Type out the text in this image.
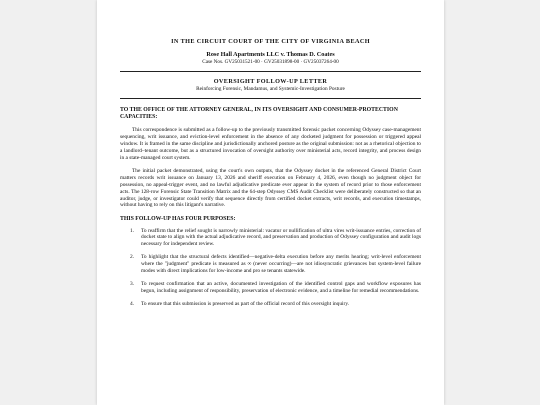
IN THE CIRCUIT COURT OF THE CITY OF VIRGINIA BEACH
Rose Hall Apartments LLC v. Thomas D. Coates
Case Nos. GV25031521-00 · GV25031898-00 · GV25037264-00
OVERSIGHT FOLLOW-UP LETTER
Reinforcing Forensic, Mandamus, and Systemic-Investigation Posture
TO THE OFFICE OF THE ATTORNEY GENERAL, IN ITS OVERSIGHT AND CONSUMER-PROTECTION CAPACITIES:

This correspondence is submitted as a follow-up to the previously transmitted forensic packet concerning Odyssey case-management sequencing, writ issuance, and eviction-level enforcement in the absence of any docketed judgment for possession or triggered appeal window. It is framed in the same discipline and jurisdictionally anchored posture as the original submission: not as a rhetorical objection to a landlord–tenant outcome, but as a structured invocation of oversight authority over ministerial acts, record integrity, and process design in a state-managed court system.

The initial packet demonstrated, using the court's own outputs, that the Odyssey docket in the referenced General District Court matters records writ issuance on January 13, 2026 and sheriff execution on February 4, 2026, even though no judgment object for possession, no appeal-trigger event, and no lawful adjudicative predicate ever appear in the system of record prior to those enforcement acts. The 128-row Forensic State Transition Matrix and the 64-step Odyssey CMS Audit Checklist were deliberately constructed so that an auditor, judge, or investigator could verify that sequence directly from certified docket extracts, writ records, and execution timestamps, without having to rely on this litigant's narrative.

THIS FOLLOW-UP HAS FOUR PURPOSES:
1. To reaffirm that the relief sought is narrowly ministerial: vacatur or nullification of ultra vires writ-issuance entries, correction of docket state to align with the actual adjudicative record, and preservation and production of Odyssey configuration and audit logs necessary for independent review.
2. To highlight that the structural defects identified—negative-delta execution before any merits hearing; writ-level enforcement where the "judgment" predicate is measured as ∞ (never occurring)—are not idiosyncratic grievances but system-level failure modes with direct implications for low-income and pro se tenants statewide.
3. To request confirmation that an active, documented investigation of the identified control gaps and workflow exposures has begun, including assignment of responsibility, preservation of electronic evidence, and a timeline for remedial recommendations.
4. To ensure that this submission is preserved as part of the official record of this oversight inquiry.
